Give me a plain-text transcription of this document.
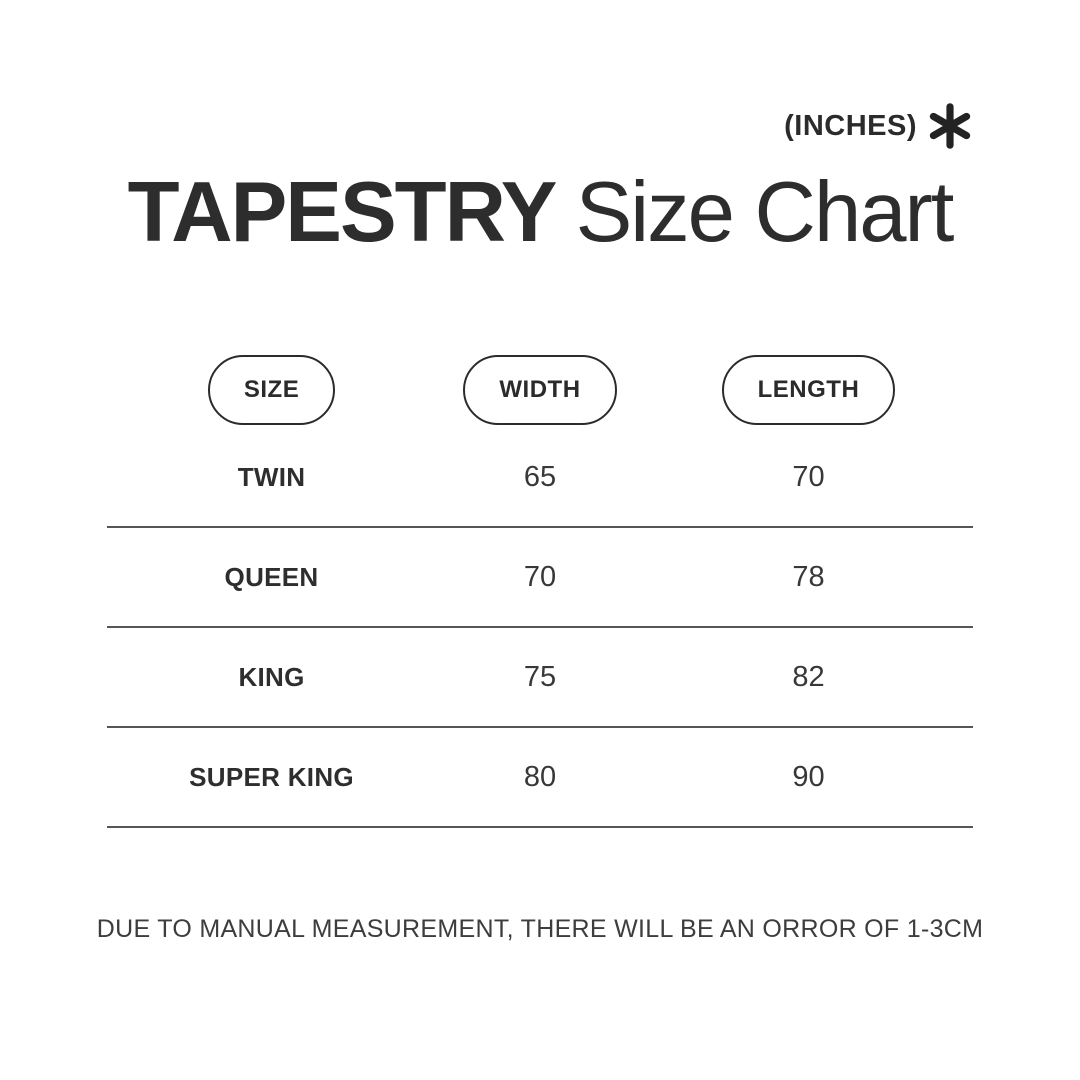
(INCHES)
TAPESTRY Size Chart
SIZE	WIDTH	LENGTH
TWIN	65	70
QUEEN	70	78
KING	75	82
SUPER KING	80	90
DUE TO MANUAL MEASUREMENT, THERE WILL BE AN ORROR OF 1-3CM
